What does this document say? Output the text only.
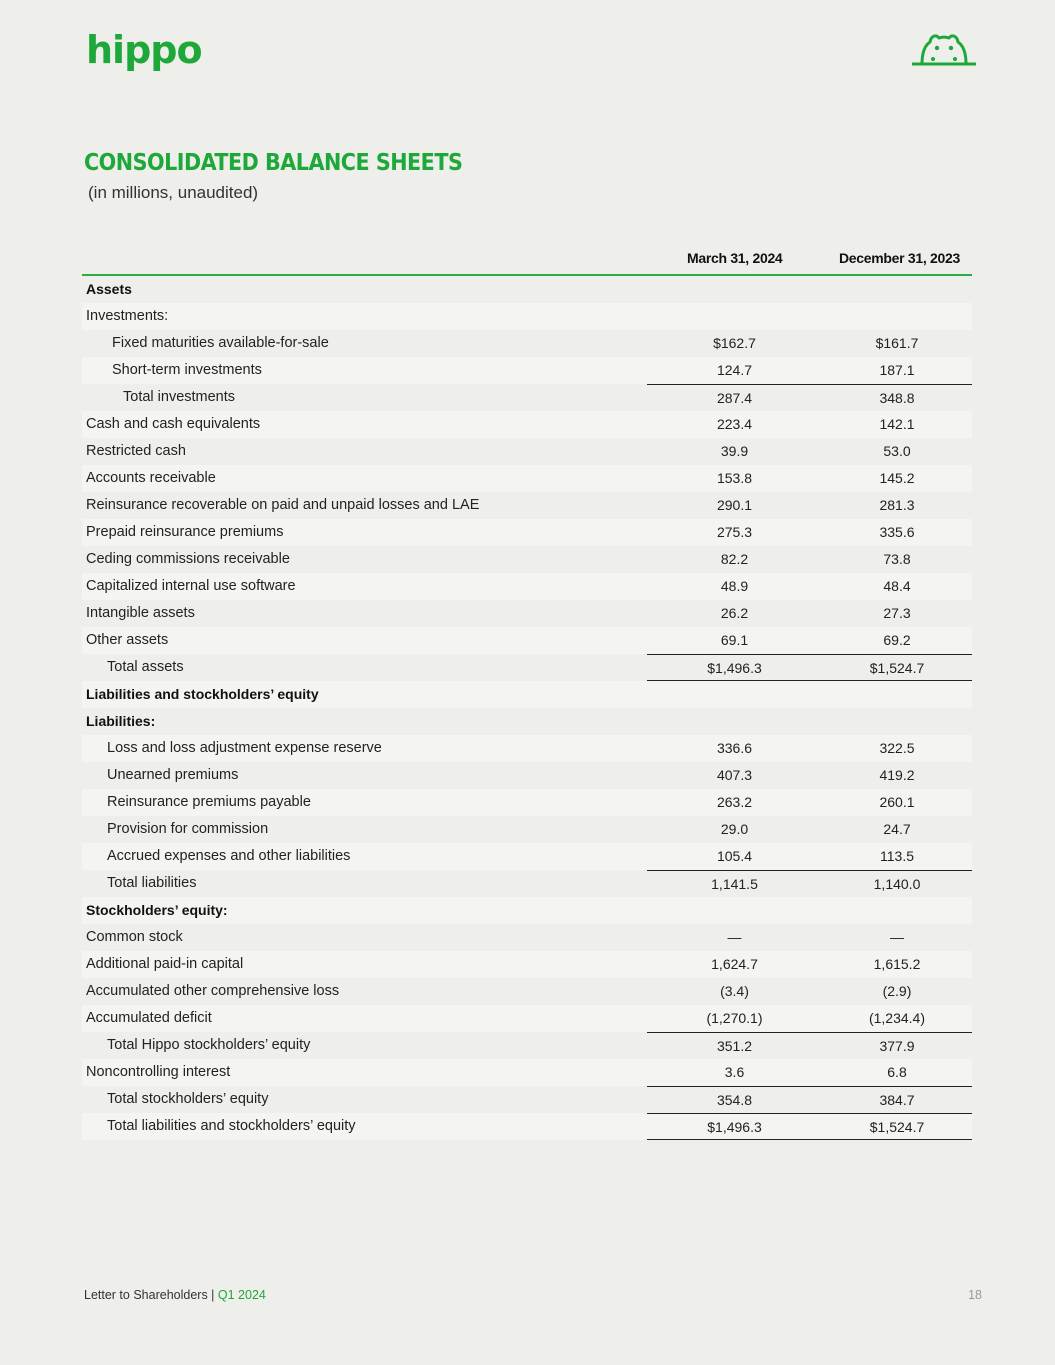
hippo
CONSOLIDATED BALANCE SHEETS
(in millions, unaudited)
March 31, 2024	December 31, 2023
Assets
Investments:
Fixed maturities available-for-sale	$162.7	$161.7
Short-term investments	124.7	187.1
Total investments	287.4	348.8
Cash and cash equivalents	223.4	142.1
Restricted cash	39.9	53.0
Accounts receivable	153.8	145.2
Reinsurance recoverable on paid and unpaid losses and LAE	290.1	281.3
Prepaid reinsurance premiums	275.3	335.6
Ceding commissions receivable	82.2	73.8
Capitalized internal use software	48.9	48.4
Intangible assets	26.2	27.3
Other assets	69.1	69.2
Total assets	$1,496.3	$1,524.7
Liabilities and stockholders’ equity
Liabilities:
Loss and loss adjustment expense reserve	336.6	322.5
Unearned premiums	407.3	419.2
Reinsurance premiums payable	263.2	260.1
Provision for commission	29.0	24.7
Accrued expenses and other liabilities	105.4	113.5
Total liabilities	1,141.5	1,140.0
Stockholders’ equity:
Common stock	—	—
Additional paid-in capital	1,624.7	1,615.2
Accumulated other comprehensive loss	(3.4)	(2.9)
Accumulated deficit	(1,270.1)	(1,234.4)
Total Hippo stockholders’ equity	351.2	377.9
Noncontrolling interest	3.6	6.8
Total stockholders’ equity	354.8	384.7
Total liabilities and stockholders’ equity	$1,496.3	$1,524.7
Letter to Shareholders | Q1 2024	18
